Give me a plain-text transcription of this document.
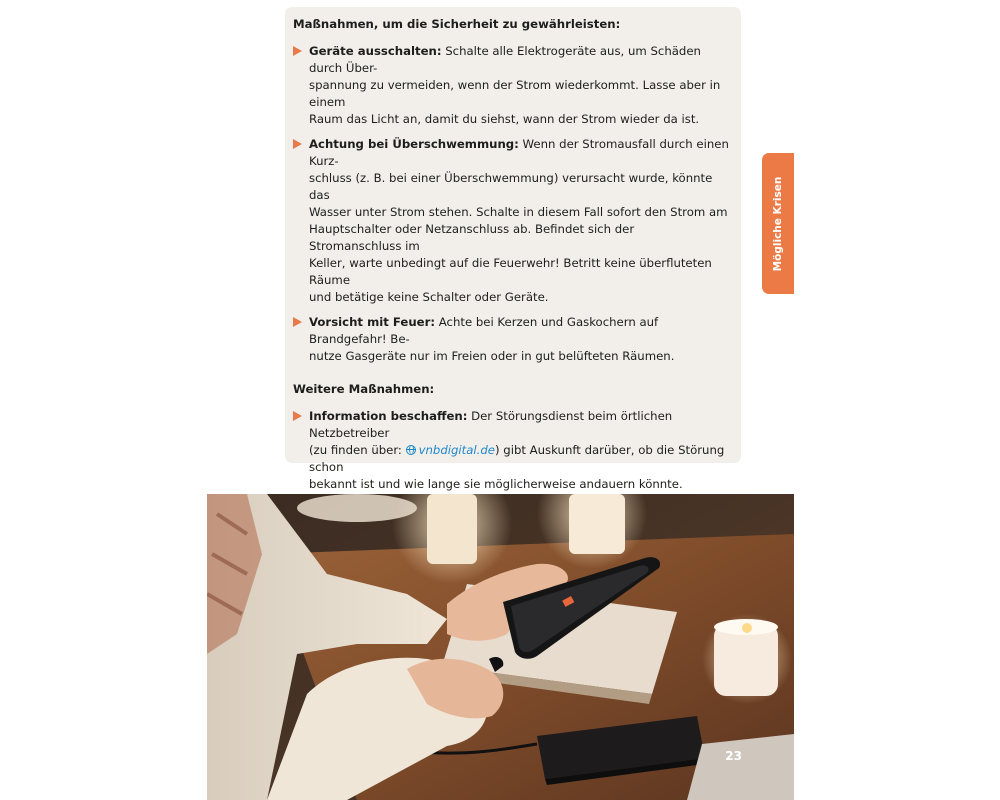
Maßnahmen, um die Sicherheit zu gewährleisten:

Geräte ausschalten: Schalte alle Elektrogeräte aus, um Schäden durch Über-
spannung zu vermeiden, wenn der Strom wiederkommt. Lasse aber in einem
Raum das Licht an, damit du siehst, wann der Strom wieder da ist.
Achtung bei Überschwemmung: Wenn der Stromausfall durch einen Kurz-
schluss (z. B. bei einer Überschwemmung) verursacht wurde, könnte das
Wasser unter Strom stehen. Schalte in diesem Fall sofort den Strom am
Hauptschalter oder Netzanschluss ab. Befindet sich der Stromanschluss im
Keller, warte unbedingt auf die Feuerwehr! Betritt keine überfluteten Räume
und betätige keine Schalter oder Geräte.
Vorsicht mit Feuer: Achte bei Kerzen und Gaskochern auf Brandgefahr! Be-
nutze Gasgeräte nur im Freien oder in gut belüfteten Räumen.

Weitere Maßnahmen:

Information beschaffen: Der Störungsdienst beim örtlichen Netzbetreiber
(zu finden über: vnbdigital.de) gibt Auskunft darüber, ob die Störung schon
bekannt ist und wie lange sie möglicherweise andauern könnte.

Mögliche Krisen
23
